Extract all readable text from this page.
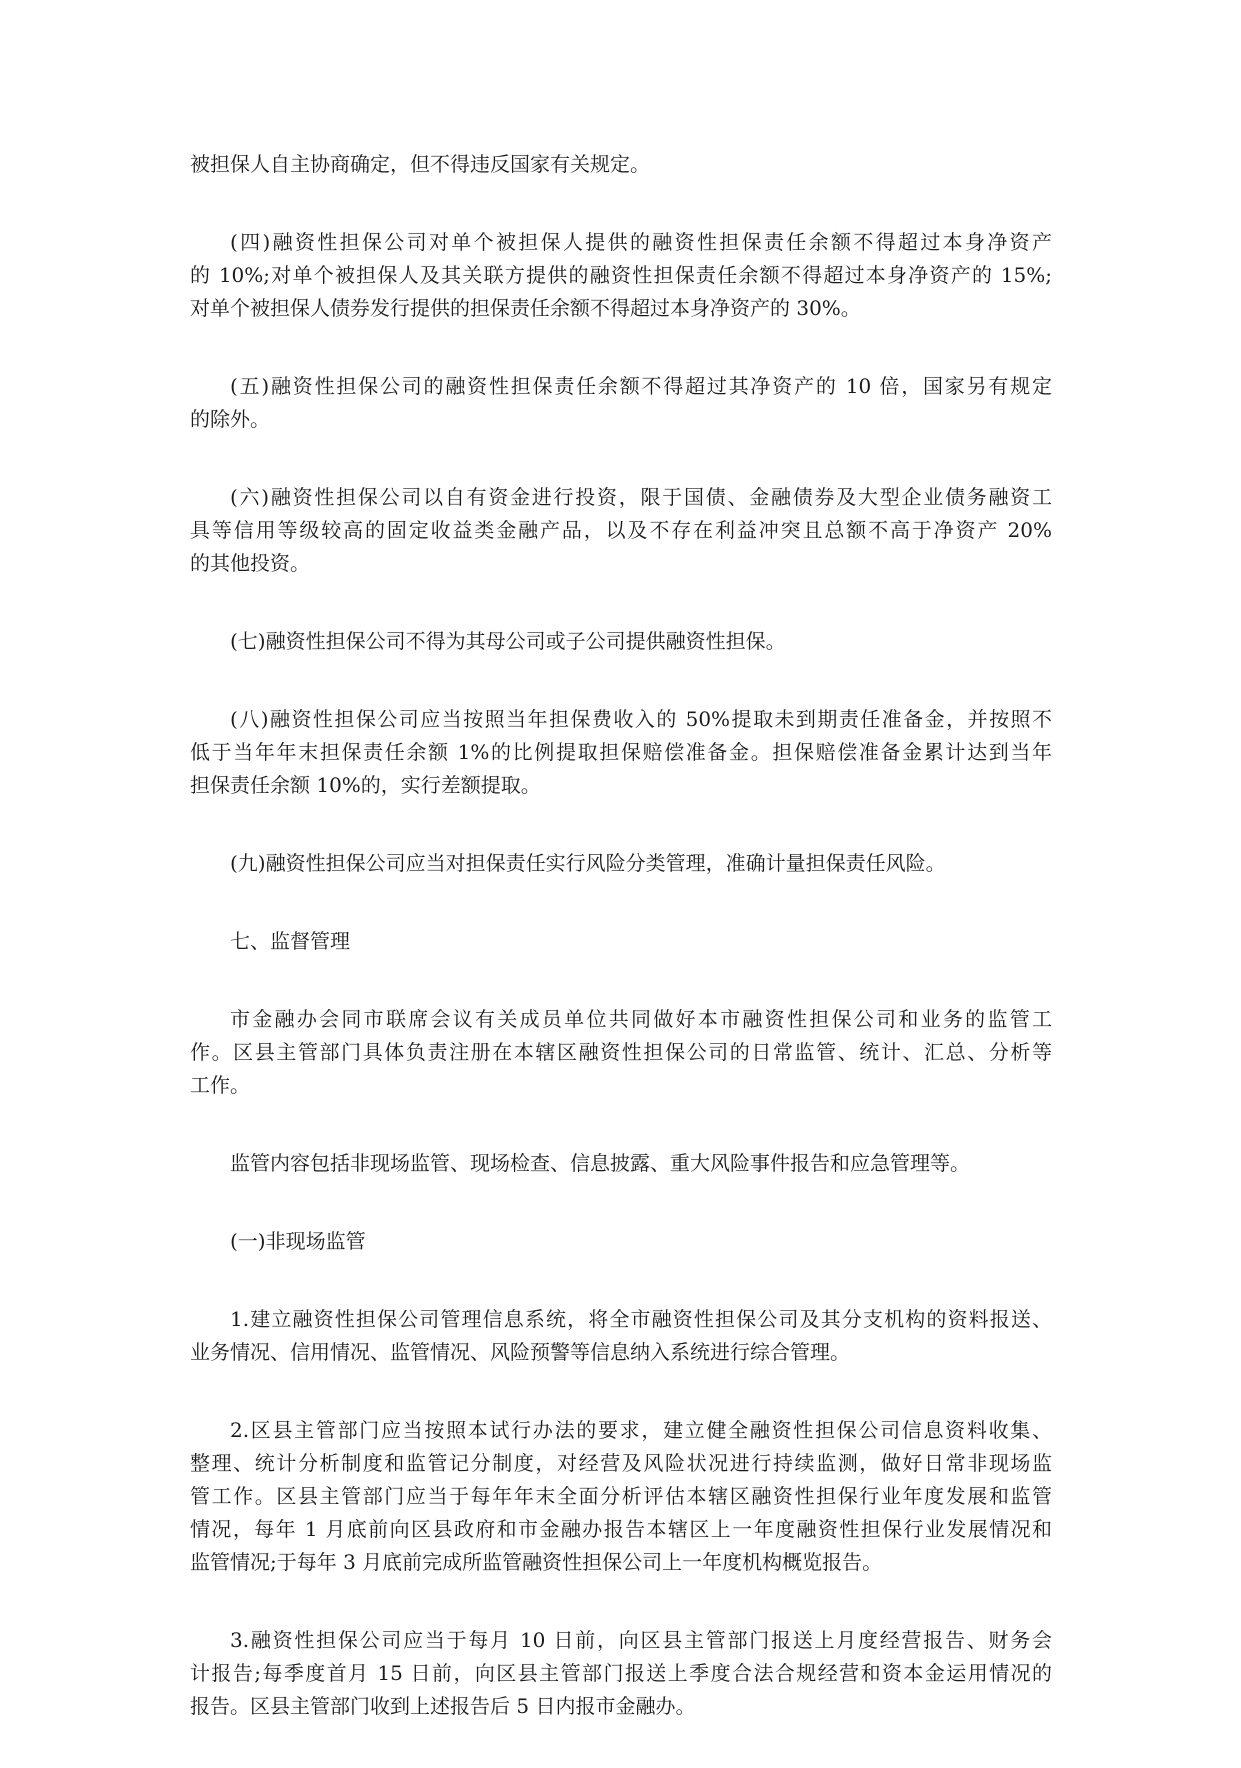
被担保人自主协商确定，但不得违反国家有关规定。
(四)融资性担保公司对单个被担保人提供的融资性担保责任余额不得超过本身净资产
的 10%;对单个被担保人及其关联方提供的融资性担保责任余额不得超过本身净资产的 15%;
对单个被担保人债券发行提供的担保责任余额不得超过本身净资产的 30%。
(五)融资性担保公司的融资性担保责任余额不得超过其净资产的 10 倍，国家另有规定
的除外。
(六)融资性担保公司以自有资金进行投资，限于国债、金融债券及大型企业债务融资工
具等信用等级较高的固定收益类金融产品，以及不存在利益冲突且总额不高于净资产 20%
的其他投资。
(七)融资性担保公司不得为其母公司或子公司提供融资性担保。
(八)融资性担保公司应当按照当年担保费收入的 50%提取未到期责任准备金，并按照不
低于当年年末担保责任余额 1%的比例提取担保赔偿准备金。担保赔偿准备金累计达到当年
担保责任余额 10%的，实行差额提取。
(九)融资性担保公司应当对担保责任实行风险分类管理，准确计量担保责任风险。
七、监督管理
市金融办会同市联席会议有关成员单位共同做好本市融资性担保公司和业务的监管工
作。区县主管部门具体负责注册在本辖区融资性担保公司的日常监管、统计、汇总、分析等
工作。
监管内容包括非现场监管、现场检查、信息披露、重大风险事件报告和应急管理等。
(一)非现场监管
1.建立融资性担保公司管理信息系统，将全市融资性担保公司及其分支机构的资料报送、
业务情况、信用情况、监管情况、风险预警等信息纳入系统进行综合管理。
2.区县主管部门应当按照本试行办法的要求，建立健全融资性担保公司信息资料收集、
整理、统计分析制度和监管记分制度，对经营及风险状况进行持续监测，做好日常非现场监
管工作。区县主管部门应当于每年年末全面分析评估本辖区融资性担保行业年度发展和监管
情况，每年 1 月底前向区县政府和市金融办报告本辖区上一年度融资性担保行业发展情况和
监管情况;于每年 3 月底前完成所监管融资性担保公司上一年度机构概览报告。
3.融资性担保公司应当于每月 10 日前，向区县主管部门报送上月度经营报告、财务会
计报告;每季度首月 15 日前，向区县主管部门报送上季度合法合规经营和资本金运用情况的
报告。区县主管部门收到上述报告后 5 日内报市金融办。
